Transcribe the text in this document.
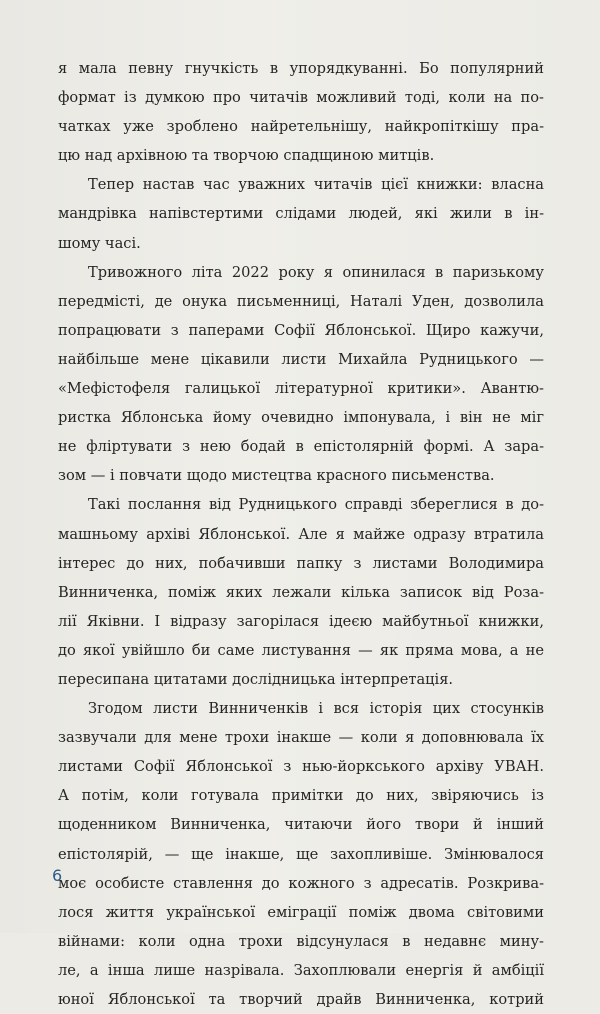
я мала певну гнучкість в упорядкуванні. Бо популярний
формат із думкою про читачів можливий тоді, коли на по-
чатках уже зроблено найретельнішу, найкропіткішу пра-
цю над архівною та творчою спадщиною митців.
Тепер настав час уважних читачів цієї книжки: власна
мандрівка напівстертими слідами людей, які жили в ін-
шому часі.
Тривожного літа 2022 року я опинилася в паризькому
передмісті, де онука письменниці, Наталі Уден, дозволила
попрацювати з паперами Софії Яблонської. Щиро кажучи,
найбільше мене цікавили листи Михайла Рудницького —
«Мефістофеля галицької літературної критики». Авантю-
ристка Яблонська йому очевидно імпонувала, і він не міг
не фліртувати з нею бодай в епістолярній формі. А зара-
зом — і повчати щодо мистецтва красного письменства.
Такі послання від Рудницького справді збереглися в до-
машньому архіві Яблонської. Але я майже одразу втратила
інтерес до них, побачивши папку з листами Володимира
Винниченка, поміж яких лежали кілька записок від Роза-
лії Яківни. І відразу загорілася ідеєю майбутньої книжки,
до якої увійшло би саме листування — як пряма мова, а не
пересипана цитатами дослідницька інтерпретація.
Згодом листи Винниченків і вся історія цих стосунків
зазвучали для мене трохи інакше — коли я доповнювала їх
листами Софії Яблонської з нью-йоркського архіву УВАН.
А потім, коли готувала примітки до них, звіряючись із
щоденником Винниченка, читаючи його твори й інший
епістолярій, — ще інакше, ще захопливіше. Змінювалося
моє особисте ставлення до кожного з адресатів. Розкрива-
лося життя української еміграції поміж двома світовими
війнами: коли одна трохи відсунулася в недавнє мину-
ле, а інша лише назрівала. Захоплювали енергія й амбіції
юної Яблонської та творчий драйв Винниченка, котрий
6
